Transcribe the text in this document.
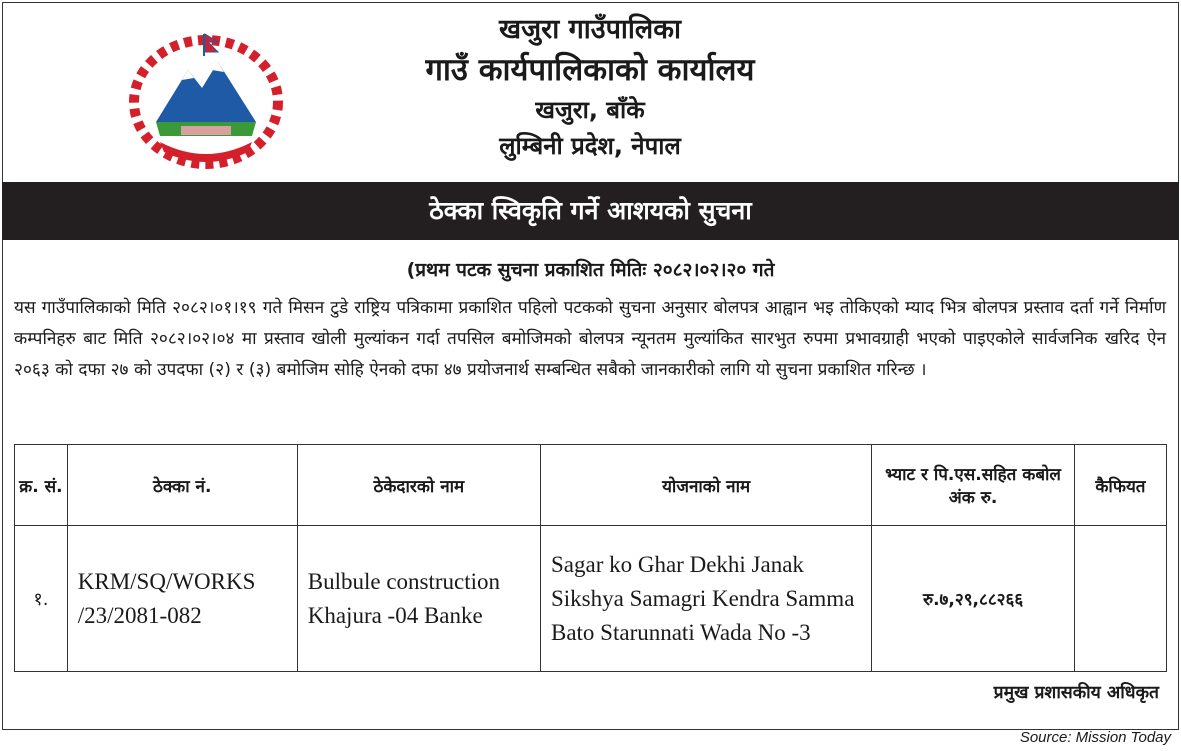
खजुरा गाउँपालिका
गाउँ कार्यपालिकाको कार्यालय
खजुरा, बाँके
लुम्बिनी प्रदेश, नेपाल
ठेक्का स्विकृति गर्ने आशयको सुचना
(प्रथम पटक सुचना प्रकाशित मितिः २०८२।०२।२० गते
यस गाउँपालिकाको मिति २०८२।०१।१९ गते मिसन टुडे राष्ट्रिय पत्रिकामा प्रकाशित पहिलो पटकको सुचना अनुसार बोलपत्र आह्वान भइ तोकिएको म्याद भित्र बोलपत्र प्रस्ताव दर्ता गर्ने निर्माण कम्पनिहरु बाट मिति २०८२।०२।०४ मा प्रस्ताव खोली मुल्यांकन गर्दा तपसिल बमोजिमको बोलपत्र न्यूनतम मुल्यांकित सारभुत रुपमा प्रभावग्राही भएको पाइएकोले सार्वजनिक खरिद ऐन २०६३ को दफा २७ को उपदफा (२) र (३) बमोजिम सोहि ऐनको दफा ४७ प्रयोजनार्थ सम्बन्धित सबैको जानकारीको लागि यो सुचना प्रकाशित गरिन्छ ।
क्र. सं.	ठेक्का नं.	ठेकेदारको नाम	योजनाको नाम	भ्याट र पि.एस.सहित कबोल अंक रु.	कैफियत
१.	KRM/SQ/WORKS /23/2081-082	Bulbule construction Khajura -04 Banke	Sagar ko Ghar Dekhi Janak Sikshya Samagri Kendra Samma Bato Starunnati Wada No -3	रु.७,२९,८८२६६	
प्रमुख प्रशासकीय अधिकृत
Source: Mission Today
